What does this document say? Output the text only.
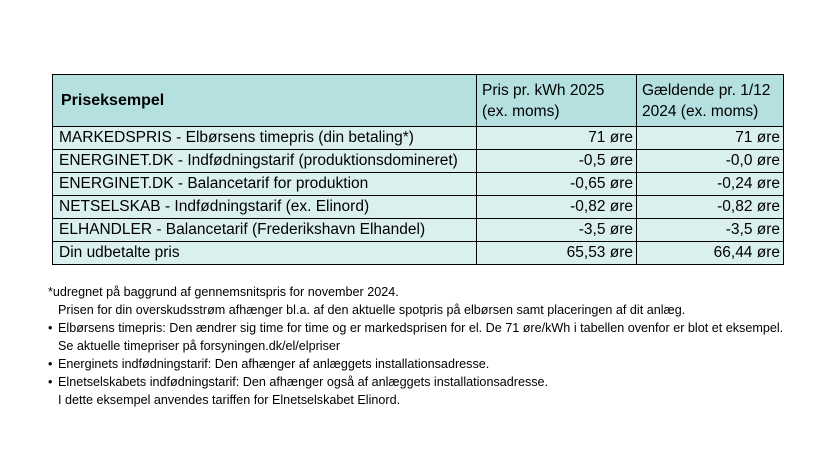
Priseksempel	Pris pr. kWh 2025 (ex. moms)	Gældende pr. 1/12 2024 (ex. moms)
MARKEDSPRIS - Elbørsens timepris (din betaling*)	71 øre	71 øre
ENERGINET.DK - Indfødningstarif (produktionsdomineret)	-0,5 øre	-0,0 øre
ENERGINET.DK - Balancetarif for produktion	-0,65 øre	-0,24 øre
NETSELSKAB - Indfødningstarif (ex. Elinord)	-0,82 øre	-0,82 øre
ELHANDLER - Balancetarif (Frederikshavn Elhandel)	-3,5 øre	-3,5 øre
Din udbetalte pris	65,53 øre	66,44 øre
*udregnet på baggrund af gennemsnitspris for november 2024.
Prisen for din overskudsstrøm afhænger bl.a. af den aktuelle spotpris på elbørsen samt placeringen af dit anlæg.
• Elbørsens timepris: Den ændrer sig time for time og er markedsprisen for el. De 71 øre/kWh i tabellen ovenfor er blot et eksempel.
Se aktuelle timepriser på forsyningen.dk/el/elpriser
• Energinets indfødningstarif: Den afhænger af anlæggets installationsadresse.
• Elnetselskabets indfødningstarif: Den afhænger også af anlæggets installationsadresse.
I dette eksempel anvendes tariffen for Elnetselskabet Elinord.
